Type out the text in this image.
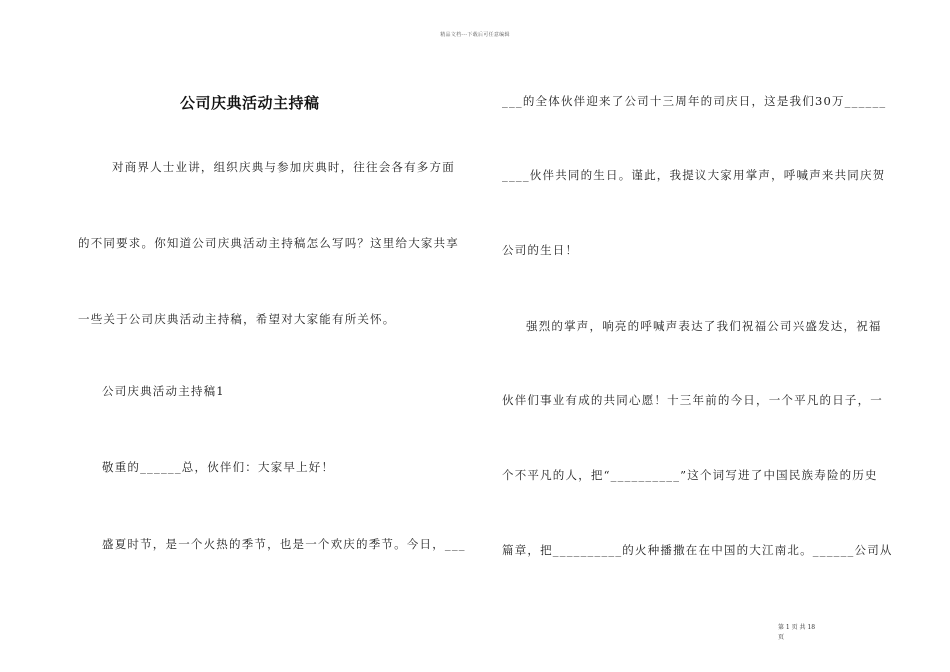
精品文档---下载后可任意编辑
公司庆典活动主持稿
对商界人士业讲，组织庆典与参加庆典时，往往会各有多方面
的不同要求。你知道公司庆典活动主持稿怎么写吗？这里给大家共享
一些关于公司庆典活动主持稿，希望对大家能有所关怀。
公司庆典活动主持稿1
敬重的______总，伙伴们：大家早上好！
盛夏时节，是一个火热的季节，也是一个欢庆的季节。今日，___
___的全体伙伴迎来了公司十三周年的司庆日，这是我们30万______
____伙伴共同的生日。谨此，我提议大家用掌声，呼喊声来共同庆贺
公司的生日！
强烈的掌声，响亮的呼喊声表达了我们祝福公司兴盛发达，祝福
伙伴们事业有成的共同心愿！十三年前的今日，一个平凡的日子，一
个不平凡的人，把“__________”这个词写进了中国民族寿险的历史
篇章，把__________的火种播撒在在中国的大江南北。______公司从
第 1 页 共 18
页
